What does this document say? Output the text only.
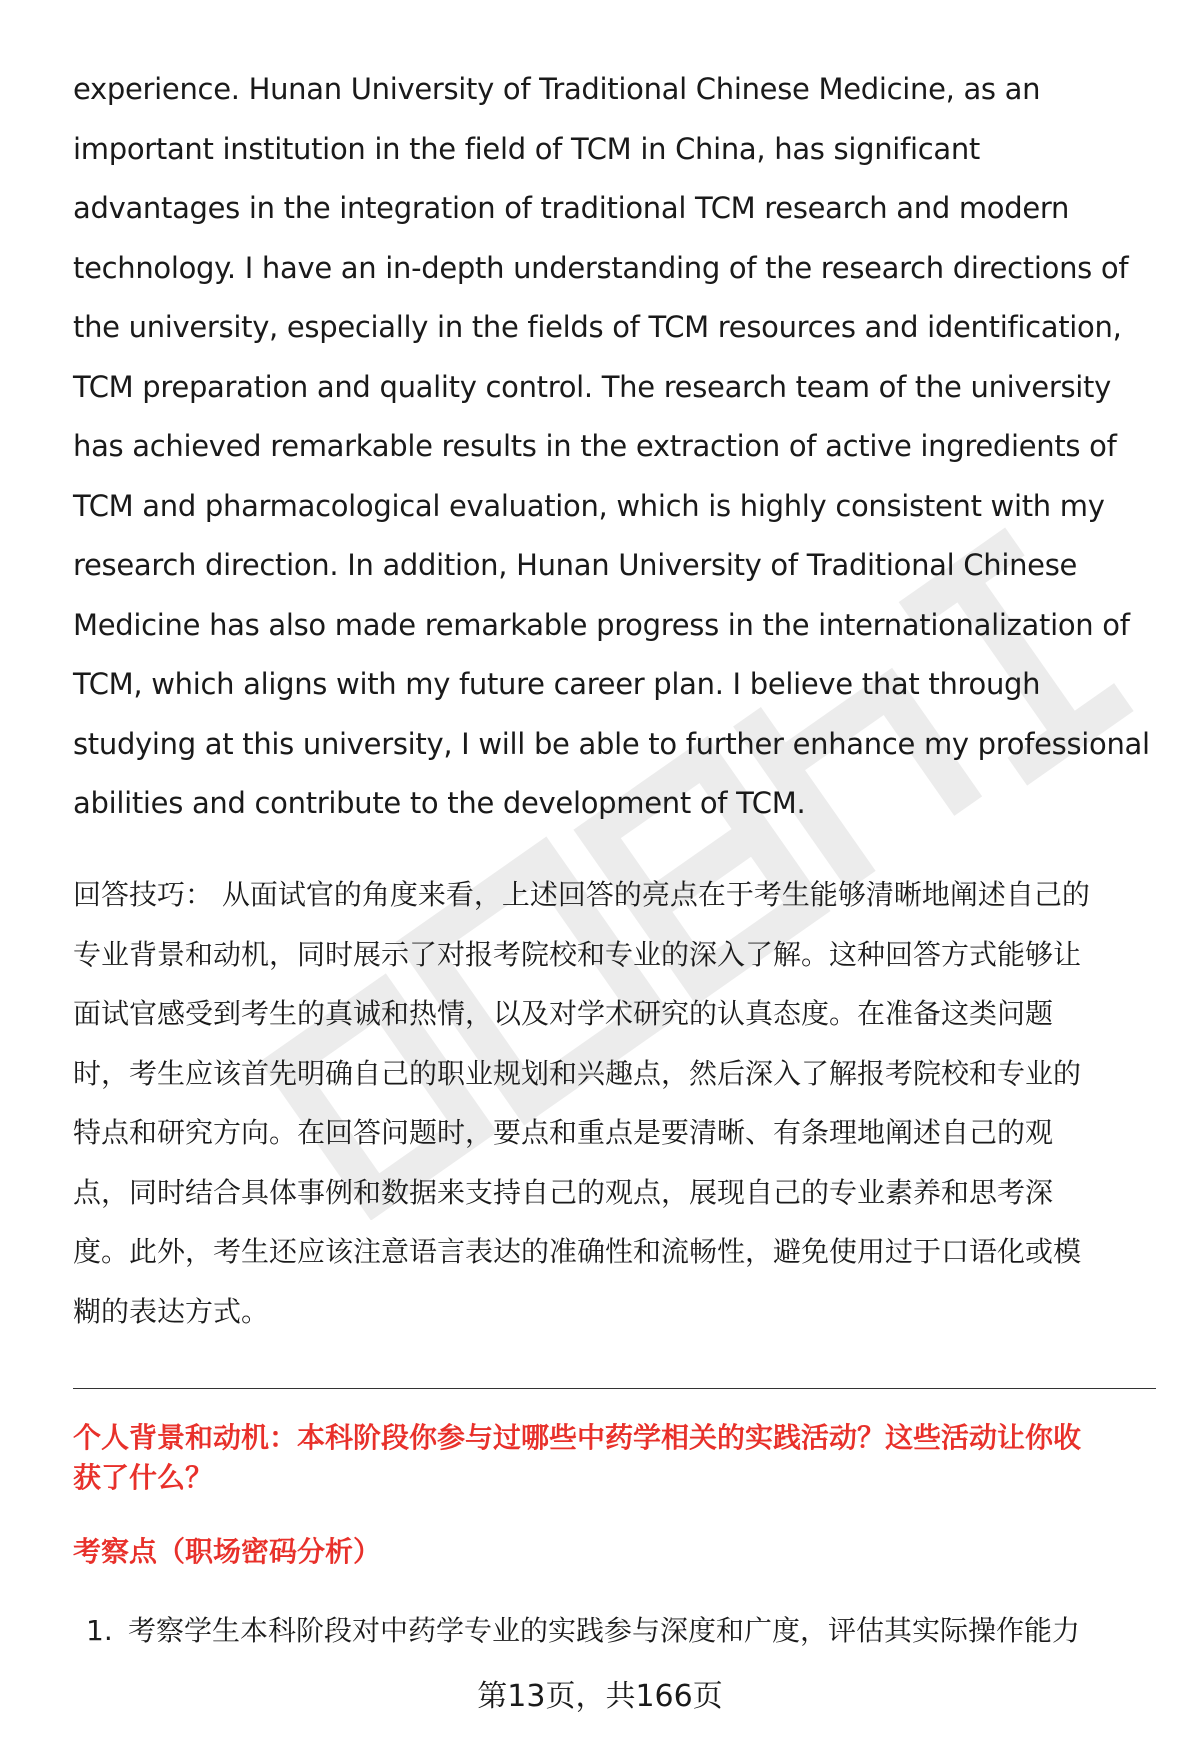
experience. Hunan University of Traditional Chinese Medicine, as an
important institution in the field of TCM in China, has significant
advantages in the integration of traditional TCM research and modern
technology. I have an in-depth understanding of the research directions of
the university, especially in the fields of TCM resources and identification,
TCM preparation and quality control. The research team of the university
has achieved remarkable results in the extraction of active ingredients of
TCM and pharmacological evaluation, which is highly consistent with my
research direction. In addition, Hunan University of Traditional Chinese
Medicine has also made remarkable progress in the internationalization of
TCM, which aligns with my future career plan. I believe that through
studying at this university, I will be able to further enhance my professional
abilities and contribute to the development of TCM.

回答技巧： 从面试官的角度来看，上述回答的亮点在于考生能够清晰地阐述自己的
专业背景和动机，同时展示了对报考院校和专业的深入了解。这种回答方式能够让
面试官感受到考生的真诚和热情，以及对学术研究的认真态度。在准备这类问题
时，考生应该首先明确自己的职业规划和兴趣点，然后深入了解报考院校和专业的
特点和研究方向。在回答问题时，要点和重点是要清晰、有条理地阐述自己的观
点，同时结合具体事例和数据来支持自己的观点，展现自己的专业素养和思考深
度。此外，考生还应该注意语言表达的准确性和流畅性，避免使用过于口语化或模
糊的表达方式。

个人背景和动机：本科阶段你参与过哪些中药学相关的实践活动？这些活动让你收
获了什么？
考察点（职场密码分析）

1. 考察学生本科阶段对中药学专业的实践参与深度和广度，评估其实际操作能力

第13页，共166页
